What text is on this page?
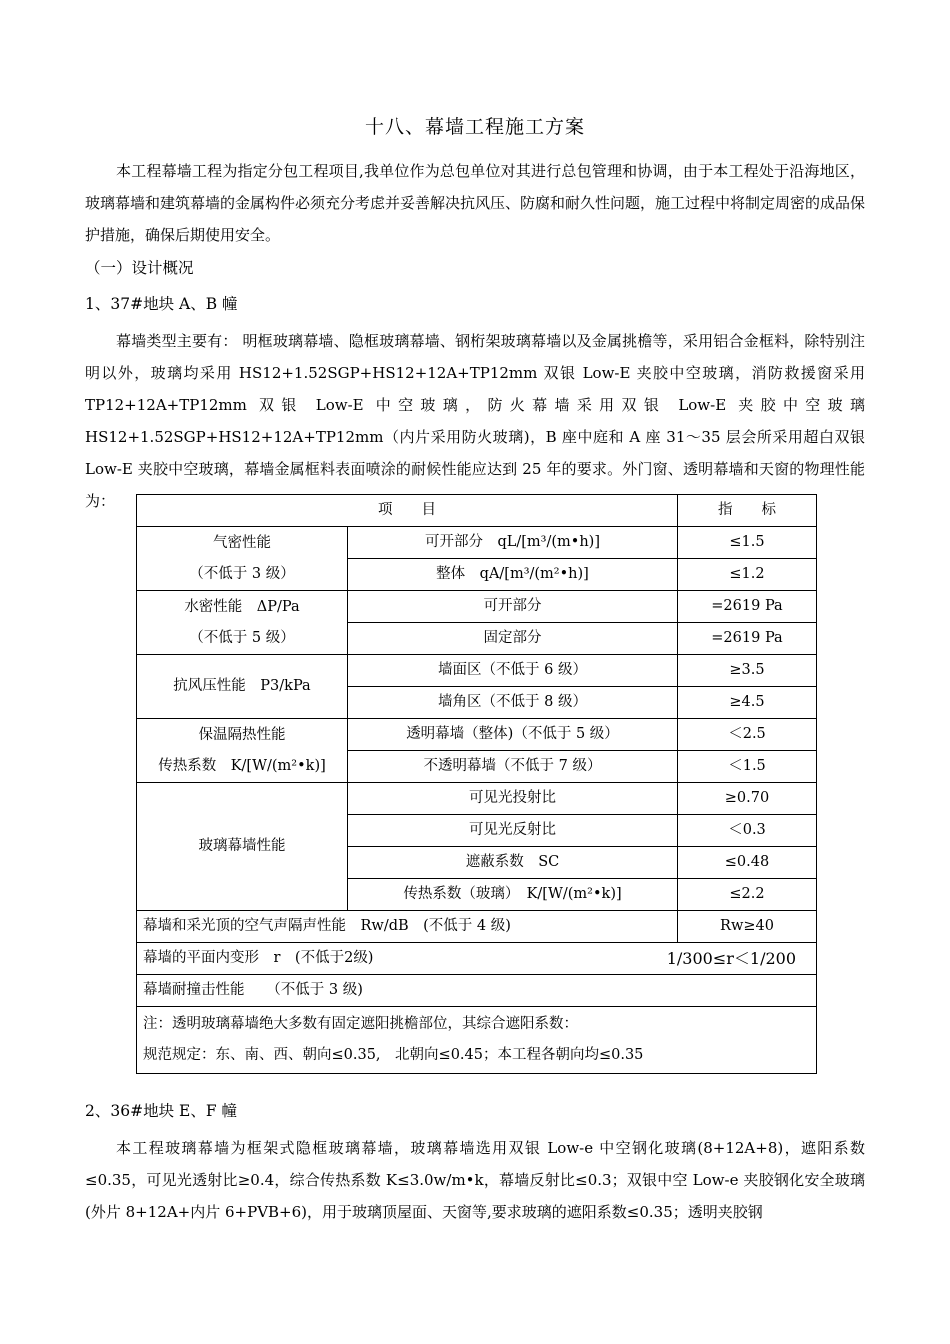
十八、幕墙工程施工方案

本工程幕墙工程为指定分包工程项目,我单位作为总包单位对其进行总包管理和协调，由于本工程处于沿海地区，玻璃幕墙和建筑幕墙的金属构件必须充分考虑并妥善解决抗风压、防腐和耐久性问题，施工过程中将制定周密的成品保护措施，确保后期使用安全。

（一）设计概况

1、37#地块 A、B 幢

幕墙类型主要有： 明框玻璃幕墙、隐框玻璃幕墙、钢桁架玻璃幕墙以及金属挑檐等，采用铝合金框料，除特别注明以外，玻璃均采用 HS12+1.52SGP+HS12+12A+TP12mm 双银 Low-E 夹胶中空玻璃，消防救援窗采用 TP12+12A+TP12mm 双银 Low-E 中空玻璃，防火幕墙采用双银 Low-E 夹胶中空玻璃 HS12+1.52SGP+HS12+12A+TP12mm（内片采用防火玻璃)，B 座中庭和 A 座 31～35 层会所采用超白双银 Low-E 夹胶中空玻璃，幕墙金属框料表面喷涂的耐候性能应达到 25 年的要求。外门窗、透明幕墙和天窗的物理性能为：	项　　目		指　　标

气密性能
（不低于 3 级）	可开部分　qL/[m³/(m•h)]	≤1.5
	整体　qA/[m³/(m²•h)]	≤1.2

水密性能　ΔP/Pa
（不低于 5 级）	可开部分	=2619 Pa
	固定部分	=2619 Pa
抗风压性能　P3/kPa	墙面区（不低于 6 级）	≥3.5
	墙角区（不低于 8 级）	≥4.5

保温隔热性能
传热系数　K/[W/(m²•k)]	透明幕墙（整体)（不低于 5 级）	＜2.5
	不透明幕墙（不低于 7 级）	＜1.5
玻璃幕墙性能	可见光投射比	≥0.70
	可见光反射比	＜0.3
	遮蔽系数　SC	≤0.48
	传热系数（玻璃）　K/[W/(m²•k)]	≤2.2
幕墙和采光顶的空气声隔声性能　Rw/dB　(不低于 4 级)		Rw≥40
幕墙的平面内变形　r　(不低于2级) 1/300≤r＜1/200		

幕墙耐撞击性能　　（不低于 3 级)		

注：透明玻璃幕墙绝大多数有固定遮阳挑檐部位，其综合遮阳系数：
规范规定：东、南、西、朝向≤0.35,　北朝向≤0.45；本工程各朝向均≤0.35		

2、36#地块 E、F 幢

本工程玻璃幕墙为框架式隐框玻璃幕墙，玻璃幕墙选用双银 Low-e 中空钢化玻璃(8+12A+8)，遮阳系数≤0.35，可见光透射比≥0.4，综合传热系数 K≤3.0w/m•k，幕墙反射比≤0.3；双银中空 Low-e 夹胶钢化安全玻璃(外片 8+12A+内片 6+PVB+6)，用于玻璃顶屋面、天窗等,要求玻璃的遮阳系数≤0.35；透明夹胶钢
